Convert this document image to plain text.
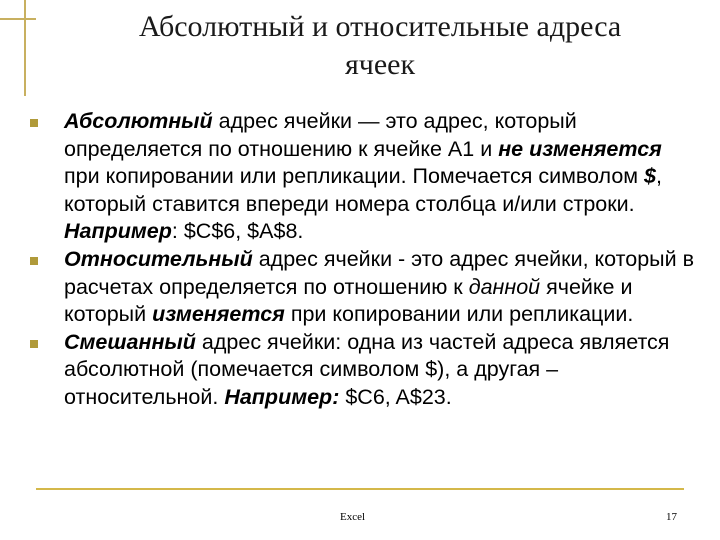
Абсолютный и относительные адреса
ячеек
Абсолютный адрес ячейки — это адрес, который определяется по отношению к ячейке А1 и не изменяется при копировании или репликации. Помечается символом $, который ставится впереди номера столбца и/или строки. Например: $C$6, $A$8.
Относительный адрес ячейки - это адрес ячейки, который в расчетах определяется по отношению к данной ячейке и который изменяется при копировании или репликации.
Смешанный адрес ячейки: одна из частей адреса является абсолютной (помечается символом $), а другая – относительной. Например: $C6, A$23.
Excel	17
